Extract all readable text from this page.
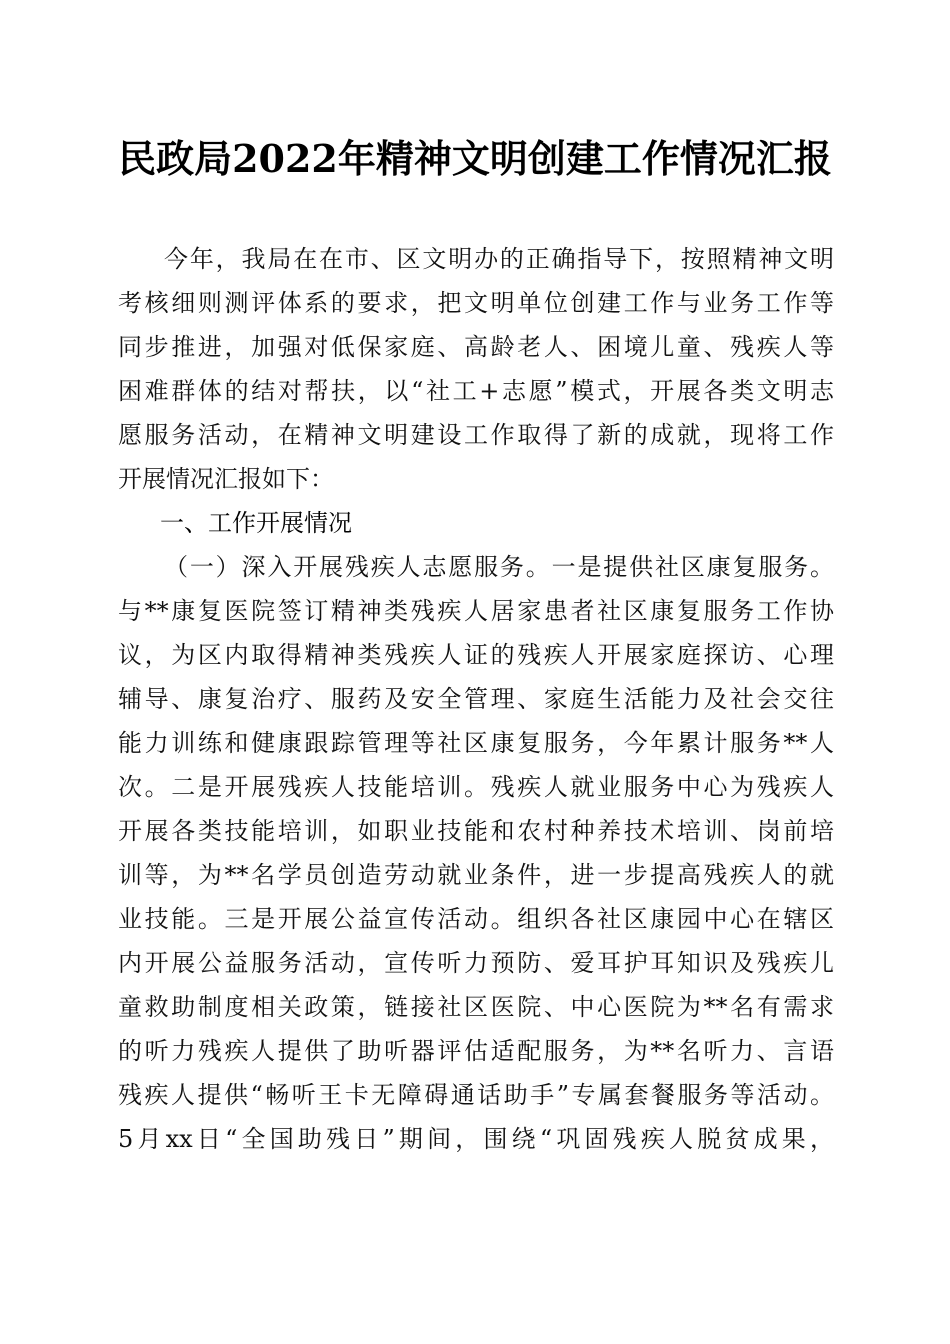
民政局2022年精神文明创建工作情况汇报
今年，我局在在市、区文明办的正确指导下，按照精神文明
考核细则测评体系的要求，把文明单位创建工作与业务工作等
同步推进，加强对低保家庭、高龄老人、困境儿童、残疾人等
困难群体的结对帮扶，以“社工+志愿”模式，开展各类文明志
愿服务活动，在精神文明建设工作取得了新的成就，现将工作
开展情况汇报如下：
一、工作开展情况
（一）深入开展残疾人志愿服务。一是提供社区康复服务。
与**康复医院签订精神类残疾人居家患者社区康复服务工作协
议，为区内取得精神类残疾人证的残疾人开展家庭探访、心理
辅导、康复治疗、服药及安全管理、家庭生活能力及社会交往
能力训练和健康跟踪管理等社区康复服务，今年累计服务**人
次。二是开展残疾人技能培训。残疾人就业服务中心为残疾人
开展各类技能培训，如职业技能和农村种养技术培训、岗前培
训等，为**名学员创造劳动就业条件，进一步提高残疾人的就
业技能。三是开展公益宣传活动。组织各社区康园中心在辖区
内开展公益服务活动，宣传听力预防、爱耳护耳知识及残疾儿
童救助制度相关政策，链接社区医院、中心医院为**名有需求
的听力残疾人提供了助听器评估适配服务，为**名听力、言语
残疾人提供“畅听王卡无障碍通话助手”专属套餐服务等活动。
5月xx日“全国助残日”期间，围绕“巩固残疾人脱贫成果，
